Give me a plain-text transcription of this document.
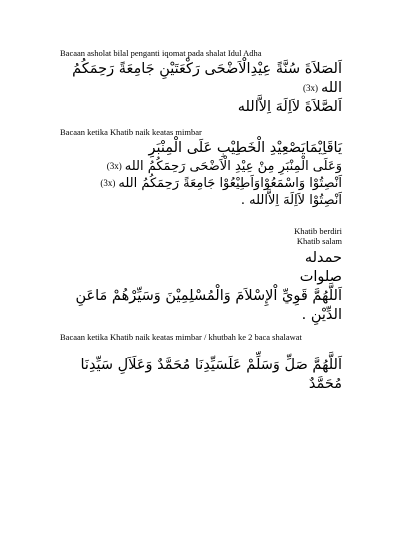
Bacaan asholat bilal penganti iqomat pada shalat Idul Adha
اَلصَلاَةَ سُنَّةً عِيْدِالْاَضْحَى رَكْعَتَيْنِ جَامِعَةً رَحِمَكُمُ
الله(3x)
اَلصَّلاَةَ لاَاِلَهَ اِلاَّالله
Bacaan ketika Khatib naik keatas mimbar
يَاقَاِيْمَايَصْعِيْدِ الْخَطِيْبِ عَلَى الْمِنْبَرِ
وَعَلَى الْمِنْبَرِ مِنْ عِيْدِ الْاَضْحَى رَحِمَكُمُ الله(3x)
اَنْصِتُوْا وَاسْمَعُوْاوَاَطِيْعُوْا جَامِعَةً رَحِمَكُمُ الله(3x)
اَنْصِتُوْا لاَاِلَهَ اِلاَّالله .
Khatib berdiri
Khatib salam
حمدله
صلوات
اَللَّهُمَّ قَوِيِّ اْلإِسْلاَمَ وَالْمُسْلِمِيْنَ وَسَيِّرْهُمْ مَاعَنِ
الدِّيْنِ .
Bacaan ketika Khatib naik keatas mimbar / khutbah ke 2 baca shalawat
اَللَّهُمَّ صَلِّ وَسَلِّمْ عَلَسَيِّدِنَا مُحَمَّدٌ وَعَلَاَلِ سَيِّدِنَا
مُحَمَّدٌ
